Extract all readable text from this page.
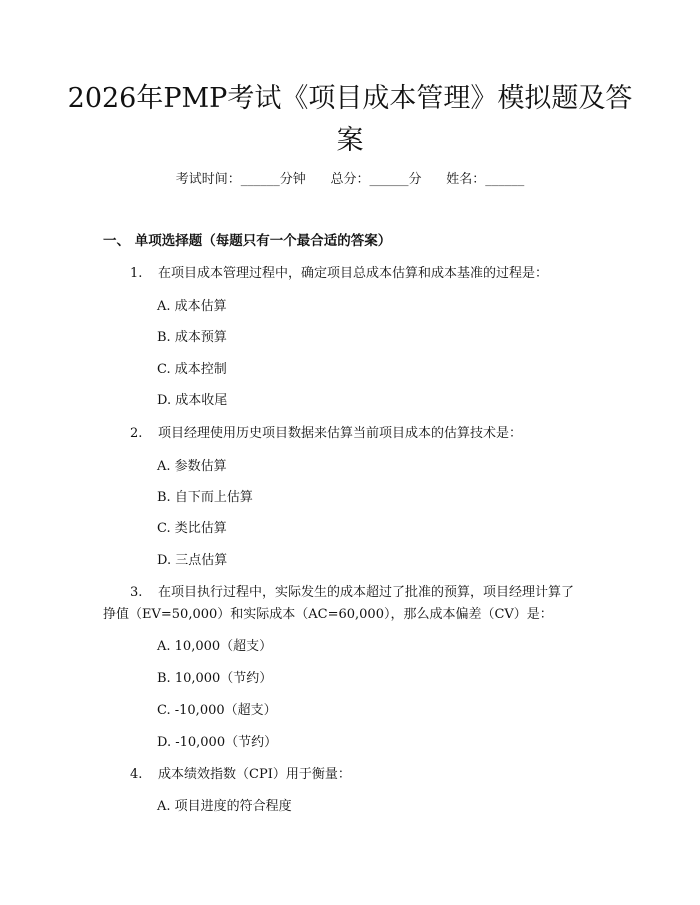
2026年PMP考试《项目成本管理》模拟题及答案
考试时间：______分钟      总分：______分      姓名：______
一、 单项选择题（每题只有一个最合适的答案）
1. 在项目成本管理过程中，确定项目总成本估算和成本基准的过程是：
A. 成本估算
B. 成本预算
C. 成本控制
D. 成本收尾
2. 项目经理使用历史项目数据来估算当前项目成本的估算技术是：
A. 参数估算
B. 自下而上估算
C. 类比估算
D. 三点估算
3. 在项目执行过程中，实际发生的成本超过了批准的预算，项目经理计算了
挣值（EV=50,000）和实际成本（AC=60,000），那么成本偏差（CV）是：
A. 10,000（超支）
B. 10,000（节约）
C. -10,000（超支）
D. -10,000（节约）
4. 成本绩效指数（CPI）用于衡量：
A. 项目进度的符合程度
